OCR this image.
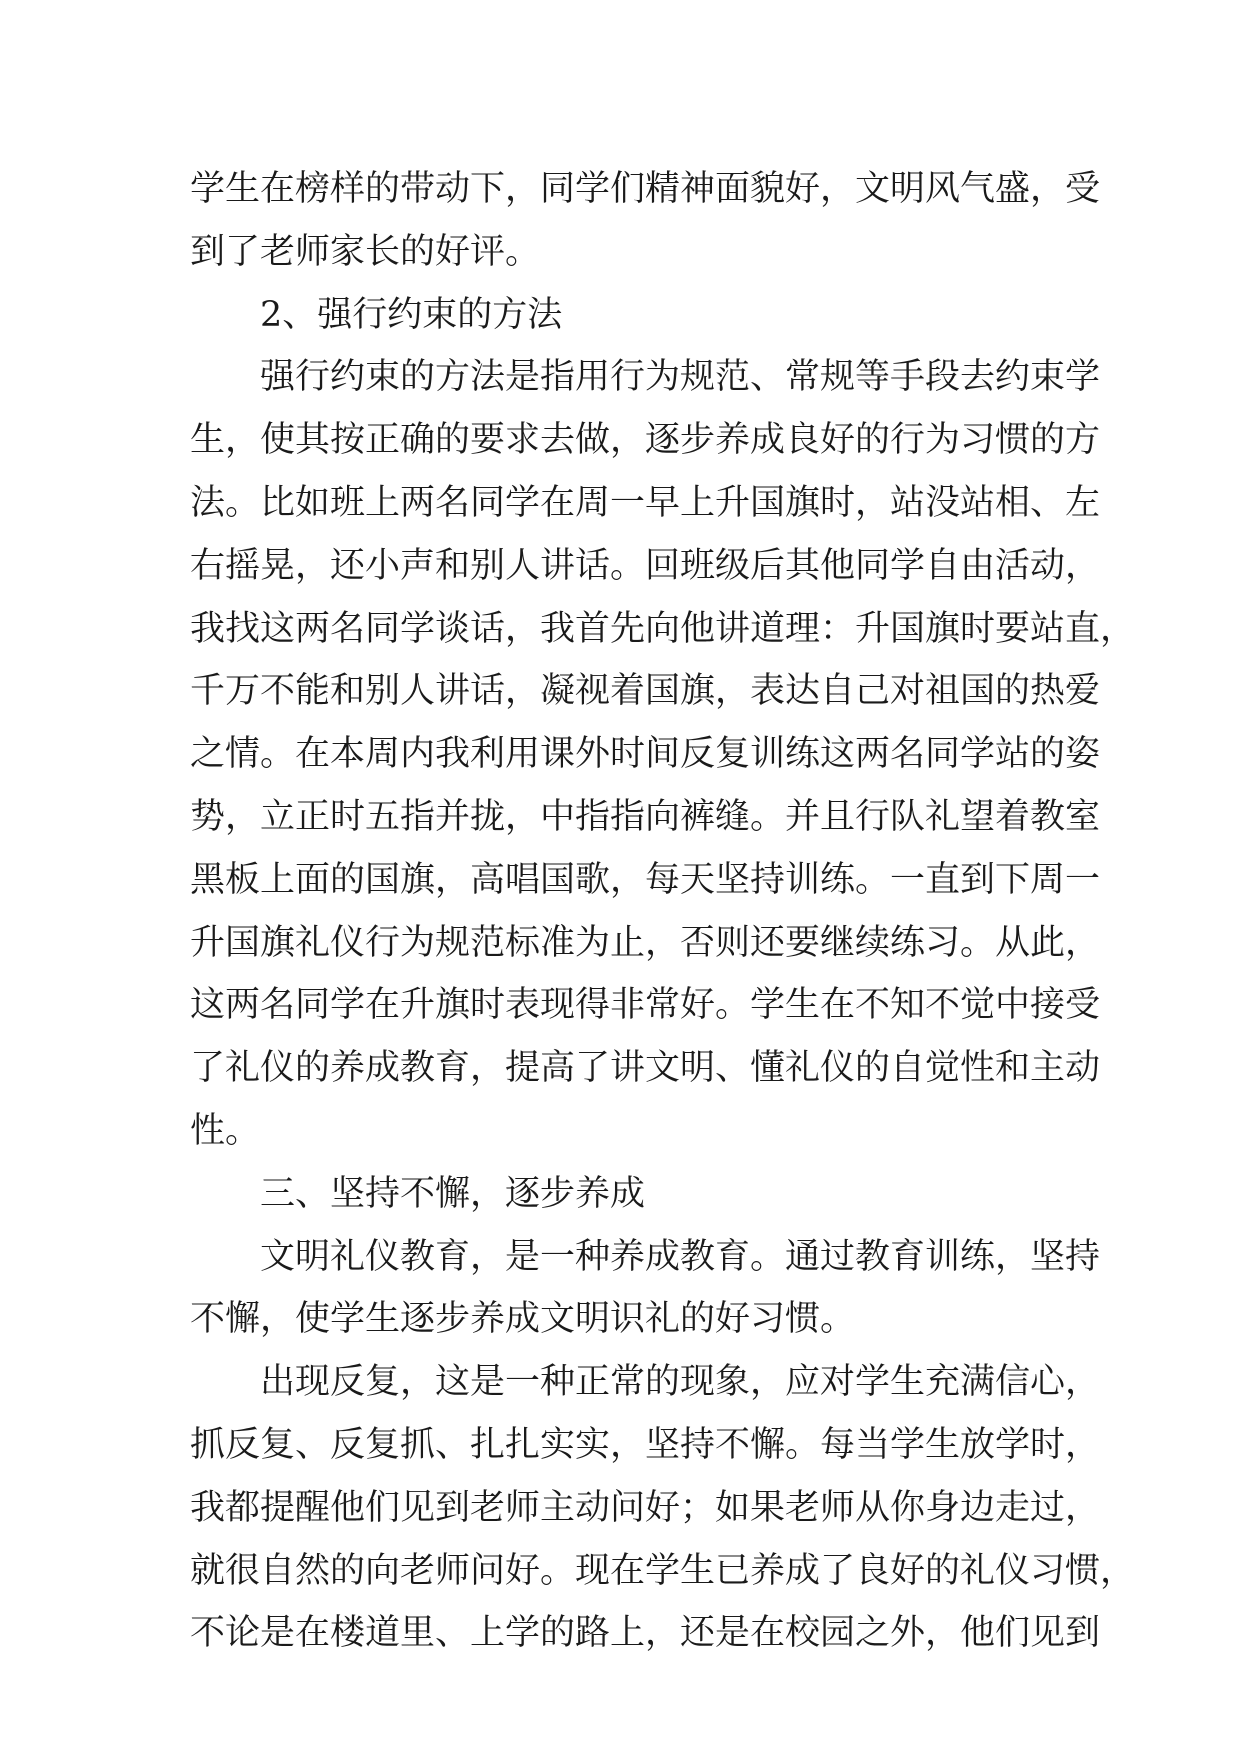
学生在榜样的带动下，同学们精神面貌好，文明风气盛，受
到了老师家长的好评。
2、强行约束的方法
强行约束的方法是指用行为规范、常规等手段去约束学
生，使其按正确的要求去做，逐步养成良好的行为习惯的方
法。比如班上两名同学在周一早上升国旗时，站没站相、左
右摇晃，还小声和别人讲话。回班级后其他同学自由活动，
我找这两名同学谈话，我首先向他讲道理：升国旗时要站直，
千万不能和别人讲话，凝视着国旗，表达自己对祖国的热爱
之情。在本周内我利用课外时间反复训练这两名同学站的姿
势，立正时五指并拢，中指指向裤缝。并且行队礼望着教室
黑板上面的国旗，高唱国歌，每天坚持训练。一直到下周一
升国旗礼仪行为规范标准为止，否则还要继续练习。从此，
这两名同学在升旗时表现得非常好。学生在不知不觉中接受
了礼仪的养成教育，提高了讲文明、懂礼仪的自觉性和主动
性。
三、坚持不懈，逐步养成
文明礼仪教育，是一种养成教育。通过教育训练，坚持
不懈，使学生逐步养成文明识礼的好习惯。
出现反复，这是一种正常的现象，应对学生充满信心，
抓反复、反复抓、扎扎实实，坚持不懈。每当学生放学时，
我都提醒他们见到老师主动问好；如果老师从你身边走过，
就很自然的向老师问好。现在学生已养成了良好的礼仪习惯，
不论是在楼道里、上学的路上，还是在校园之外，他们见到
